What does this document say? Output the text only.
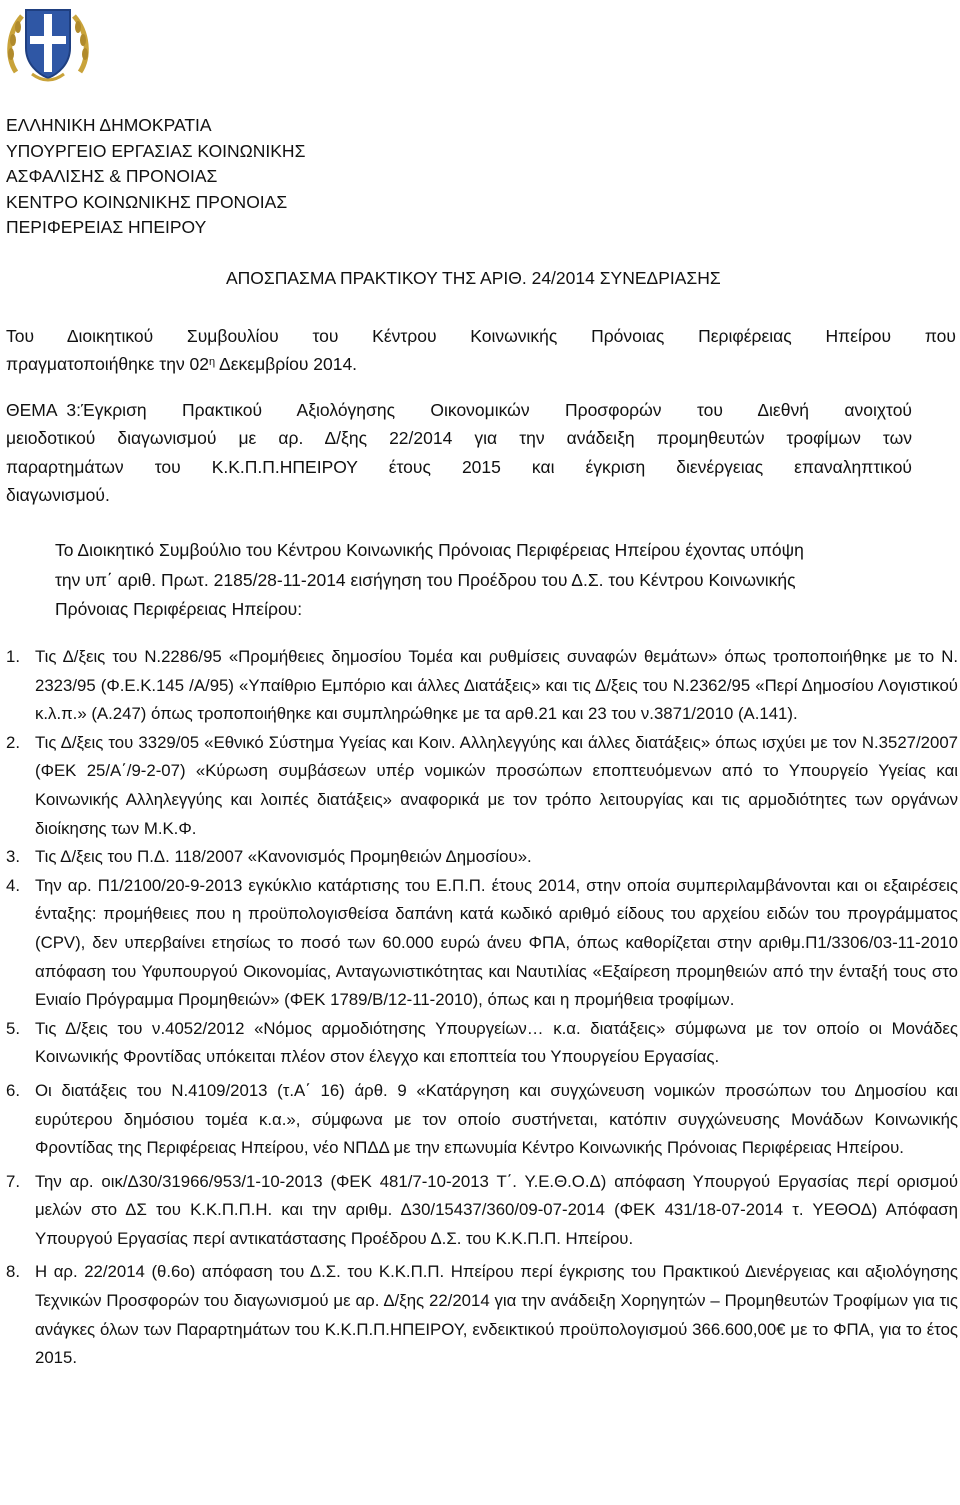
ΕΛΛΗΝΙΚΗ ΔΗΜΟΚΡΑΤΙΑ
ΥΠΟΥΡΓΕΙΟ ΕΡΓΑΣΙΑΣ ΚΟΙΝΩΝΙΚΗΣ
ΑΣΦΑΛΙΣΗΣ & ΠΡΟΝΟΙΑΣ
ΚΕΝΤΡΟ ΚΟΙΝΩΝΙΚΗΣ ΠΡΟΝΟΙΑΣ
ΠΕΡΙΦΕΡΕΙΑΣ ΗΠΕΙΡΟΥ
ΑΠΟΣΠΑΣΜΑ ΠΡΑΚΤΙΚΟΥ ΤΗΣ ΑΡΙΘ. 24/2014 ΣΥΝΕΔΡΙΑΣΗΣ
Του Διοικητικού Συμβουλίου του Κέντρου Κοινωνικής Πρόνοιας Περιφέρειας Ηπείρου που
πραγματοποιήθηκε την $02^\eta$ Δεκεμβρίου 2014.
ΘΕΜΑ 3:Έγκριση Πρακτικού Αξιολόγησης Οικονομικών Προσφορών του Διεθνή ανοιχτού
μειοδοτικού διαγωνισμού με αρ. Δ/ξης 22/2014 για την ανάδειξη προμηθευτών τροφίμων των
παραρτημάτων του Κ.Κ.Π.Π.ΗΠΕΙΡΟΥ έτους 2015 και έγκριση διενέργειας επαναληπτικού
διαγωνισμού.
Το Διοικητικό Συμβούλιο του Κέντρου Κοινωνικής Πρόνοιας Περιφέρειας Ηπείρου έχοντας υπόψη
την υπ΄ αριθ. Πρωτ. 2185/28-11-2014 εισήγηση του Προέδρου του Δ.Σ. του Κέντρου Κοινωνικής
Πρόνοιας Περιφέρειας Ηπείρου:
1. Τις Δ/ξεις του Ν.2286/95 «Προμήθειες δημοσίου Τομέα και ρυθμίσεις συναφών θεμάτων» όπως τροποποιήθηκε με το Ν. 2323/95 (Φ.Ε.Κ.145 /Α/95) «Υπαίθριο Εμπόριο και άλλες Διατάξεις» και τις Δ/ξεις του Ν.2362/95 «Περί Δημοσίου Λογιστικού κ.λ.π.» (Α.247) όπως τροποποιήθηκε και συμπληρώθηκε με τα αρθ.21 και 23 του ν.3871/2010 (Α.141).
2. Τις Δ/ξεις του 3329/05 «Εθνικό Σύστημα Υγείας και Κοιν. Αλληλεγγύης και άλλες διατάξεις» όπως ισχύει με τον Ν.3527/2007 (ΦΕΚ 25/Α΄/9-2-07) «Κύρωση συμβάσεων υπέρ νομικών προσώπων εποπτευόμενων από το Υπουργείο Υγείας και Κοινωνικής Αλληλεγγύης και λοιπές διατάξεις» αναφορικά με τον τρόπο λειτουργίας και τις αρμοδιότητες των οργάνων διοίκησης των Μ.Κ.Φ.
3. Τις Δ/ξεις του Π.Δ. 118/2007 «Κανονισμός Προμηθειών Δημοσίου».
4. Την αρ. Π1/2100/20-9-2013 εγκύκλιο κατάρτισης του Ε.Π.Π. έτους 2014, στην οποία συμπεριλαμβάνονται και οι εξαιρέσεις ένταξης: προμήθειες που η προϋπολογισθείσα δαπάνη κατά κωδικό αριθμό είδους του αρχείου ειδών του προγράμματος (CPV), δεν υπερβαίνει ετησίως το ποσό των 60.000 ευρώ άνευ ΦΠΑ, όπως καθορίζεται στην αριθμ.Π1/3306/03-11-2010 απόφαση του Υφυπουργού Οικονομίας, Ανταγωνιστικότητας και Ναυτιλίας «Εξαίρεση προμηθειών από την ένταξή τους στο Ενιαίο Πρόγραμμα Προμηθειών» (ΦΕΚ 1789/Β/12-11-2010), όπως και η προμήθεια τροφίμων.
5. Τις Δ/ξεις του ν.4052/2012 «Νόμος αρμοδιότησης Υπουργείων… κ.α. διατάξεις» σύμφωνα με τον οποίο οι Μονάδες Κοινωνικής Φροντίδας υπόκειται πλέον στον έλεγχο και εποπτεία του Υπουργείου Εργασίας.
6. Οι διατάξεις του Ν.4109/2013 (τ.Α΄ 16) άρθ. 9 «Κατάργηση και συγχώνευση νομικών προσώπων του Δημοσίου και ευρύτερου δημόσιου τομέα κ.α.», σύμφωνα με τον οποίο συστήνεται, κατόπιν συγχώνευσης Μονάδων Κοινωνικής Φροντίδας της Περιφέρειας Ηπείρου, νέο ΝΠΔΔ με την επωνυμία Κέντρο Κοινωνικής Πρόνοιας Περιφέρειας Ηπείρου.
7. Την αρ. οικ/Δ30/31966/953/1-10-2013 (ΦΕΚ 481/7-10-2013 Τ΄. Υ.Ε.Θ.Ο.Δ) απόφαση Υπουργού Εργασίας περί ορισμού μελών στο ΔΣ του Κ.Κ.Π.Π.Η. και την αριθμ. Δ30/15437/360/09-07-2014 (ΦΕΚ 431/18-07-2014 τ. ΥΕΘΟΔ) Απόφαση Υπουργού Εργασίας περί αντικατάστασης Προέδρου Δ.Σ. του Κ.Κ.Π.Π. Ηπείρου.
8. Η αρ. 22/2014 (θ.6ο) απόφαση του Δ.Σ. του Κ.Κ.Π.Π. Ηπείρου περί έγκρισης του Πρακτικού Διενέργειας και αξιολόγησης Τεχνικών Προσφορών του διαγωνισμού με αρ. Δ/ξης 22/2014 για την ανάδειξη Χορηγητών – Προμηθευτών Τροφίμων για τις ανάγκες όλων των Παραρτημάτων του Κ.Κ.Π.Π.ΗΠΕΙΡΟΥ, ενδεικτικού προϋπολογισμού 366.600,00€ με το ΦΠΑ, για το έτος 2015.
